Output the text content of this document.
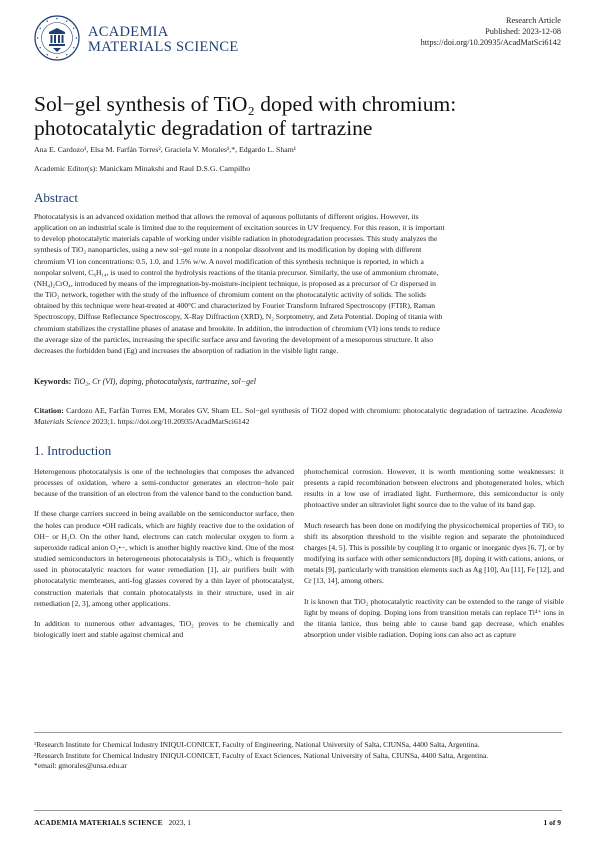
ACADEMIA
MATERIALS SCIENCE
Research Article
Published: 2023-12-08
https://doi.org/10.20935/AcadMatSci6142
Sol−gel synthesis of TiO₂ doped with chromium:
photocatalytic degradation of tartrazine
Ana E. Cardozo¹, Elsa M. Farfán Torres², Graciela V. Morales¹,*, Edgardo L. Sham¹
Academic Editor(s): Manickam Minakshi and Raul D.S.G. Campilho
Abstract
Photocatalysis is an advanced oxidation method that allows the removal of aqueous pollutants of different origins. However, its
application on an industrial scale is limited due to the requirement of excitation sources in UV frequency. For this reason, it is important
to develop photocatalytic materials capable of working under visible radiation in photodegradation processes. This study analyzes the
synthesis of TiO₂ nanoparticles, using a new sol−gel route in a nonpolar dissolvent and its modification by doping with different
chromium VI ion concentrations: 0.5, 1.0, and 1.5% w/w. A novel modification of this synthesis technique is reported, in which a
nonpolar solvent, C₆H₁₄, is used to control the hydrolysis reactions of the titania precursor. Similarly, the use of ammonium chromate,
(NH₄)₂CrO₄, introduced by means of the impregnation-by-moisture-incipient technique, is proposed as a precursor of Cr dispersed in
the TiO₂ network, together with the study of the influence of chromium content on the photocatalytic activity of solids. The solids
obtained by this technique were heat-treated at 400°C and characterized by Fourier Transform Infrared Spectroscopy (FTIR), Raman
Spectroscopy, Diffuse Reflectance Spectroscopy, X-Ray Diffraction (XRD), N₂ Sorptometry, and Zeta Potential. Doping of titania with
chromium stabilizes the crystalline phases of anatase and brookite. In addition, the introduction of chromium (VI) ions tends to reduce
the average size of the particles, increasing the specific surface area and favoring the development of a mesoporous structure. It also
decreases the forbidden band (Eg) and increases the absorption of radiation in the visible light range.
Keywords: TiO₂, Cr (VI), doping, photocatalysis, tartrazine, sol−gel
Citation: Cardozo AE, Farfán Torres EM, Morales GV, Sham EL. Sol−gel synthesis of TiO2 doped with chromium: photocatalytic degradation of tartrazine. Academia Materials Science 2023;1. https://doi.org/10.20935/AcadMatSci6142
1. Introduction

Heterogenous photocatalysis is one of the technologies that composes the advanced processes of oxidation, where a semi-conductor generates an electron−hole pair because of the transition of an electron from the valence band to the conduction band.

If these charge carriers succeed in being available on the semiconductor surface, then the holes can produce •OH radicals, which are highly reactive due to the oxidation of OH− or H₂O. On the other hand, electrons can catch molecular oxygen to form a superoxide radical anion O₂•−, which is another highly reactive kind. One of the most studied semiconductors in heterogeneous photocatalysis is TiO₂, which is frequently used in photocatalytic reactors for water remediation [1], air purifiers built with photocatalytic membranes, anti-fog glasses covered by a thin layer of photocatalyst, construction materials that contain photocatalysts in their structure, used in air remediation [2, 3], among other applications.

In addition to numerous other advantages, TiO₂ proves to be chemically and biologically inert and stable against chemical and

photochemical corrosion. However, it is worth mentioning some weaknesses: it presents a rapid recombination between electrons and photogenerated holes, which results in a low use of irradiated light. Furthermore, this semiconductor is only photoactive under an ultraviolet light source due to the value of its band gap.

Much research has been done on modifying the physicochemical properties of TiO₂ to shift its absorption threshold to the visible region and separate the photoinduced charges [4, 5]. This is possible by coupling it to organic or inorganic dyes [6, 7], or by modifying its surface with other semiconductors [8], doping it with cations, anions, or metals [9], particularly with transition elements such as Ag [10], Au [11], Fe [12], and Cr [13, 14], among others.

It is known that TiO₂ photocatalytic reactivity can be extended to the range of visible light by means of doping. Doping ions from transition metals can replace Ti⁴⁺ ions in the titania lattice, thus being able to cause band gap decrease, which enables absorption under visible radiation. Doping ions can also act as capture

¹Research Institute for Chemical Industry INIQUI-CONICET, Faculty of Engineering, National University of Salta, CIUNSa, 4400 Salta, Argentina.
²Research Institute for Chemical Industry INIQUI-CONICET, Faculty of Exact Sciences, National University of Salta, CIUNSa, 4400 Salta, Argentina.
*email: gmorales@unsa.edu.ar
ACADEMIA MATERIALS SCIENCE 2023, 1	1 of 9
